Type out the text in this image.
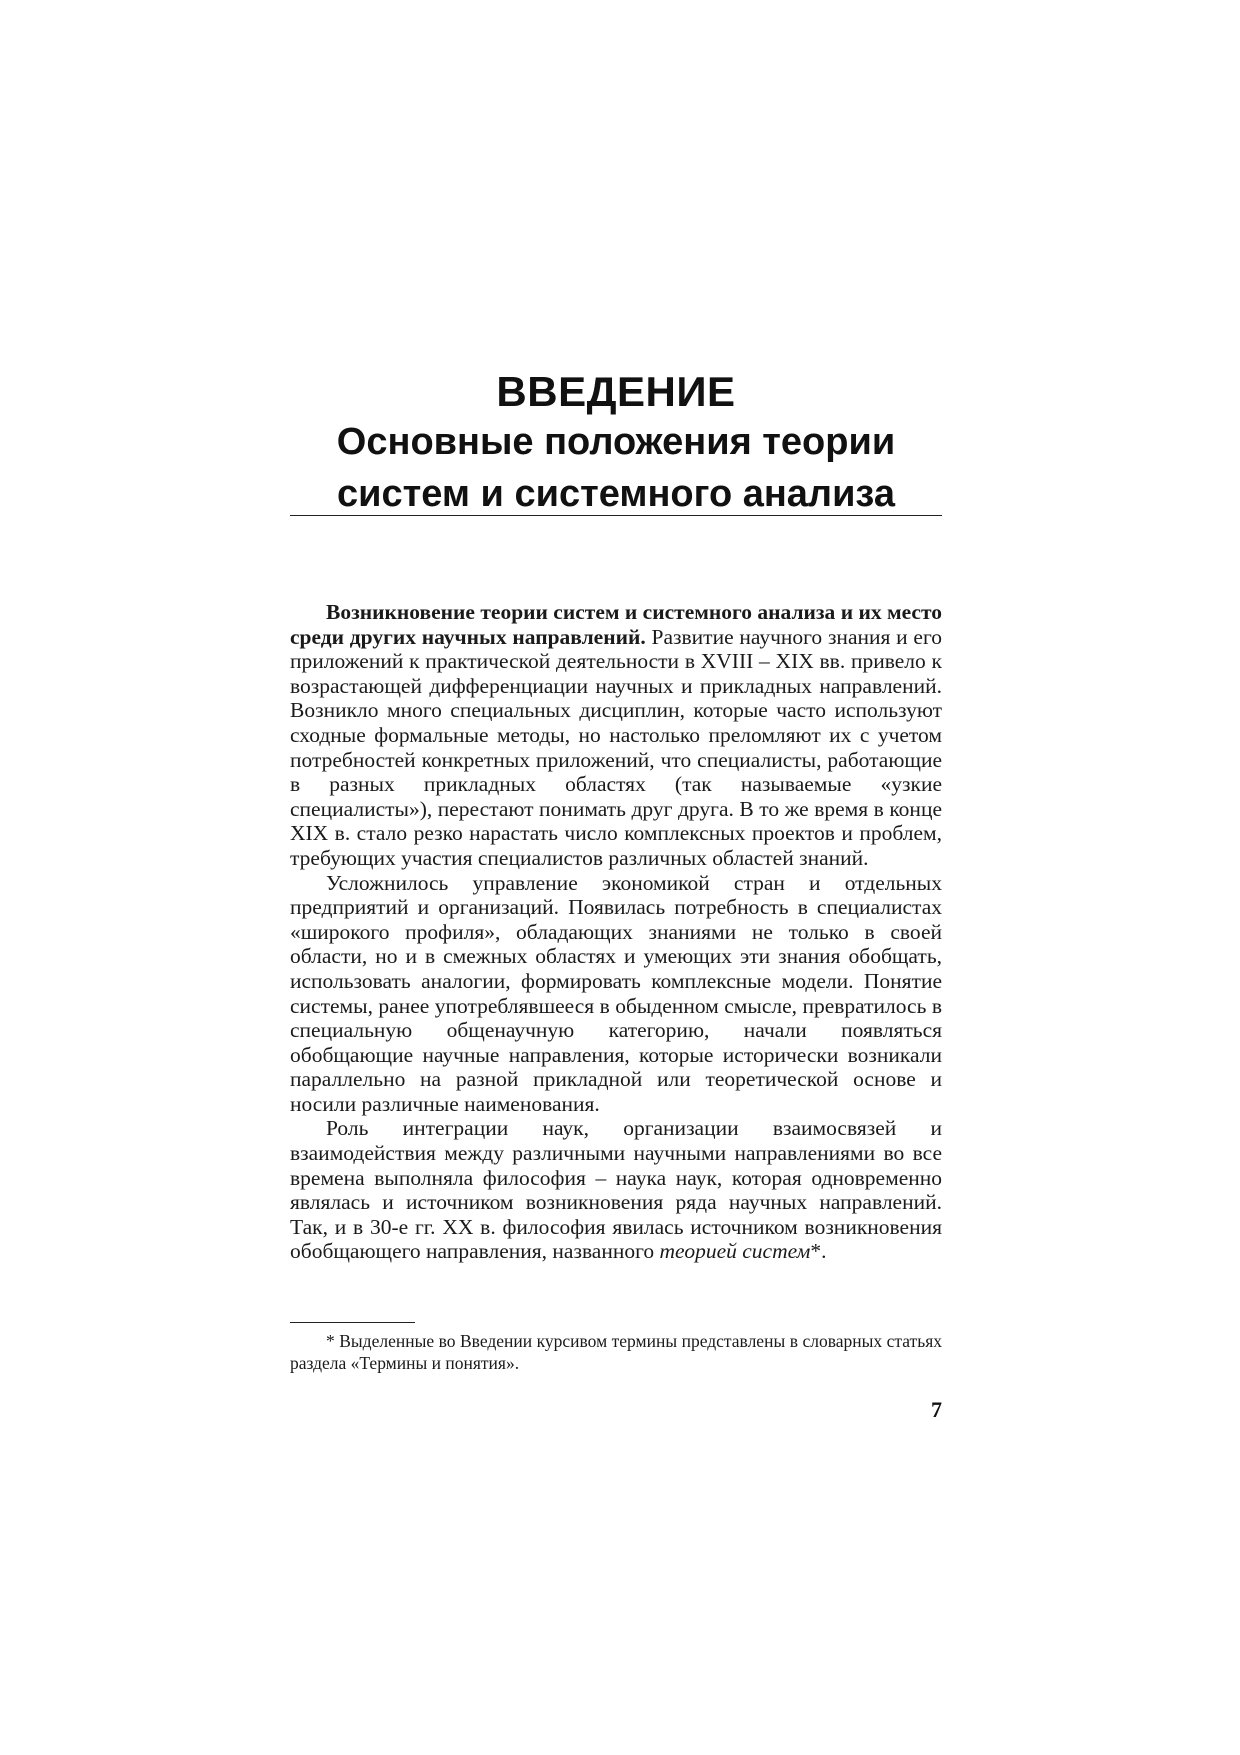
ВВЕДЕНИЕ
Основные положения теории
систем и системного анализа

Возникновение теории систем и системного анализа и их место среди других научных направлений. Развитие научного знания и его приложений к практической деятельности в XVIII – XIX вв. привело к возрастающей дифференциации научных и прикладных направлений. Возникло много специальных дисциплин, которые часто используют сходные формальные методы, но настолько преломляют их с учетом потребностей конкретных приложений, что специалисты, работающие в разных прикладных областях (так называемые «узкие специалисты»), перестают понимать друг друга. В то же время в конце XIX в. стало резко нарастать число комплексных проектов и проблем, требующих участия специалистов различных областей знаний.

Усложнилось управление экономикой стран и отдельных предприятий и организаций. Появилась потребность в специалистах «широкого профиля», обладающих знаниями не только в своей области, но и в смежных областях и умеющих эти знания обобщать, использовать аналогии, формировать комплексные модели. Понятие системы, ранее употреблявшееся в обыденном смысле, превратилось в специальную общенаучную категорию, начали появляться обобщающие научные направления, которые исторически возникали параллельно на разной прикладной или теоретической основе и носили различные наименования.

Роль интеграции наук, организации взаимосвязей и взаимодействия между различными научными направлениями во все времена выполняла философия – наука наук, которая одновременно являлась и источником возникновения ряда научных направлений. Так, и в 30-е гг. XX в. философия явилась источником возникновения обобщающего направления, названного теорией систем*.

* Выделенные во Введении курсивом термины представлены в словарных статьях раздела «Термины и понятия».
7
